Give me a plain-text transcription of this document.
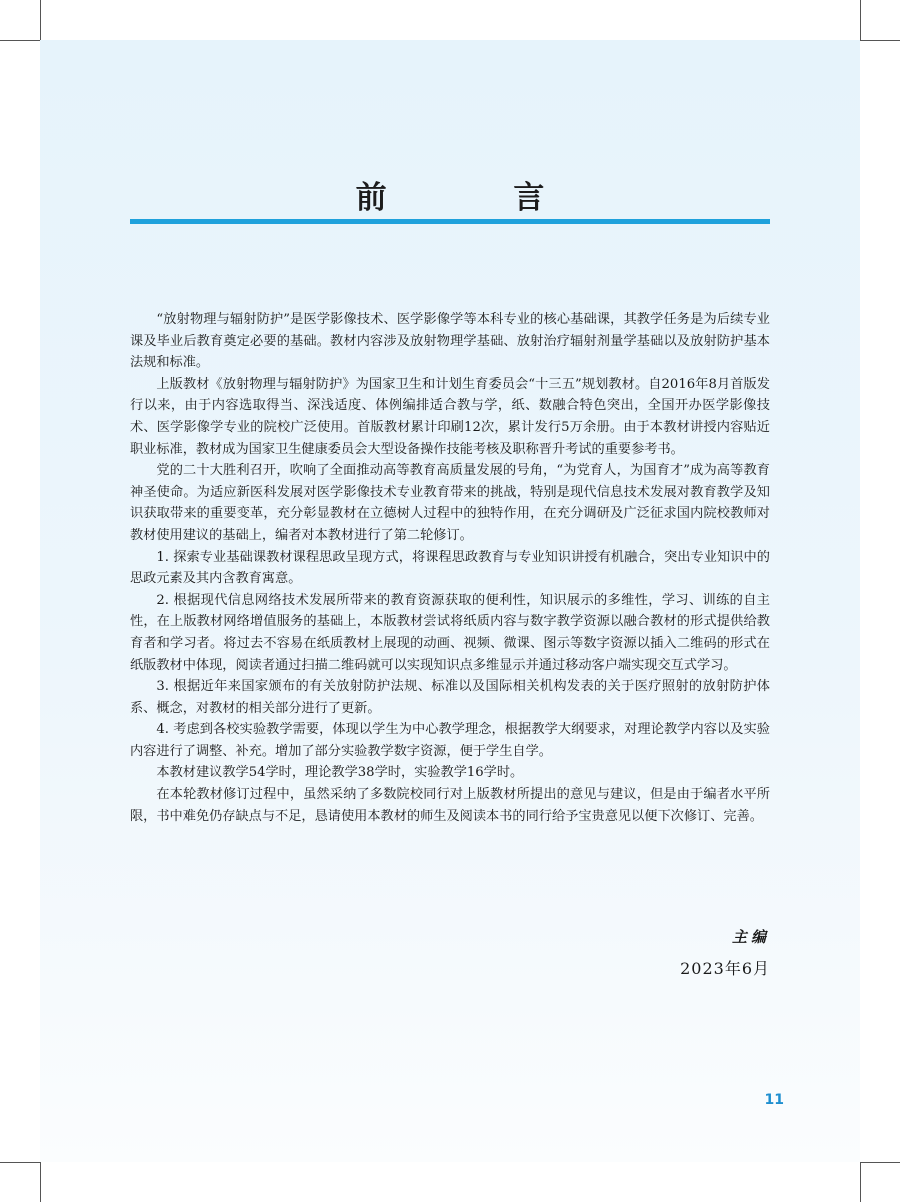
前 言

“放射物理与辐射防护”是医学影像技术、医学影像学等本科专业的核心基础课，其教学任务是为后续专业课及毕业后教育奠定必要的基础。教材内容涉及放射物理学基础、放射治疗辐射剂量学基础以及放射防护基本法规和标准。

上版教材《放射物理与辐射防护》为国家卫生和计划生育委员会“十三五”规划教材。自2016年8月首版发行以来，由于内容选取得当、深浅适度、体例编排适合教与学，纸、数融合特色突出，全国开办医学影像技术、医学影像学专业的院校广泛使用。首版教材累计印刷12次，累计发行5万余册。由于本教材讲授内容贴近职业标准，教材成为国家卫生健康委员会大型设备操作技能考核及职称晋升考试的重要参考书。

党的二十大胜利召开，吹响了全面推动高等教育高质量发展的号角，“为党育人，为国育才”成为高等教育神圣使命。为适应新医科发展对医学影像技术专业教育带来的挑战，特别是现代信息技术发展对教育教学及知识获取带来的重要变革，充分彰显教材在立德树人过程中的独特作用，在充分调研及广泛征求国内院校教师对教材使用建议的基础上，编者对本教材进行了第二轮修订。

1. 探索专业基础课教材课程思政呈现方式，将课程思政教育与专业知识讲授有机融合，突出专业知识中的思政元素及其内含教育寓意。

2. 根据现代信息网络技术发展所带来的教育资源获取的便利性，知识展示的多维性，学习、训练的自主性，在上版教材网络增值服务的基础上，本版教材尝试将纸质内容与数字教学资源以融合教材的形式提供给教育者和学习者。将过去不容易在纸质教材上展现的动画、视频、微课、图示等数字资源以插入二维码的形式在纸版教材中体现，阅读者通过扫描二维码就可以实现知识点多维显示并通过移动客户端实现交互式学习。

3. 根据近年来国家颁布的有关放射防护法规、标准以及国际相关机构发表的关于医疗照射的放射防护体系、概念，对教材的相关部分进行了更新。

4. 考虑到各校实验教学需要，体现以学生为中心教学理念，根据教学大纲要求，对理论教学内容以及实验内容进行了调整、补充。增加了部分实验教学数字资源，便于学生自学。

本教材建议教学54学时，理论教学38学时，实验教学16学时。

在本轮教材修订过程中，虽然采纳了多数院校同行对上版教材所提出的意见与建议，但是由于编者水平所限，书中难免仍存缺点与不足，恳请使用本教材的师生及阅读本书的同行给予宝贵意见以便下次修订、完善。

主编
2023年6月
11
